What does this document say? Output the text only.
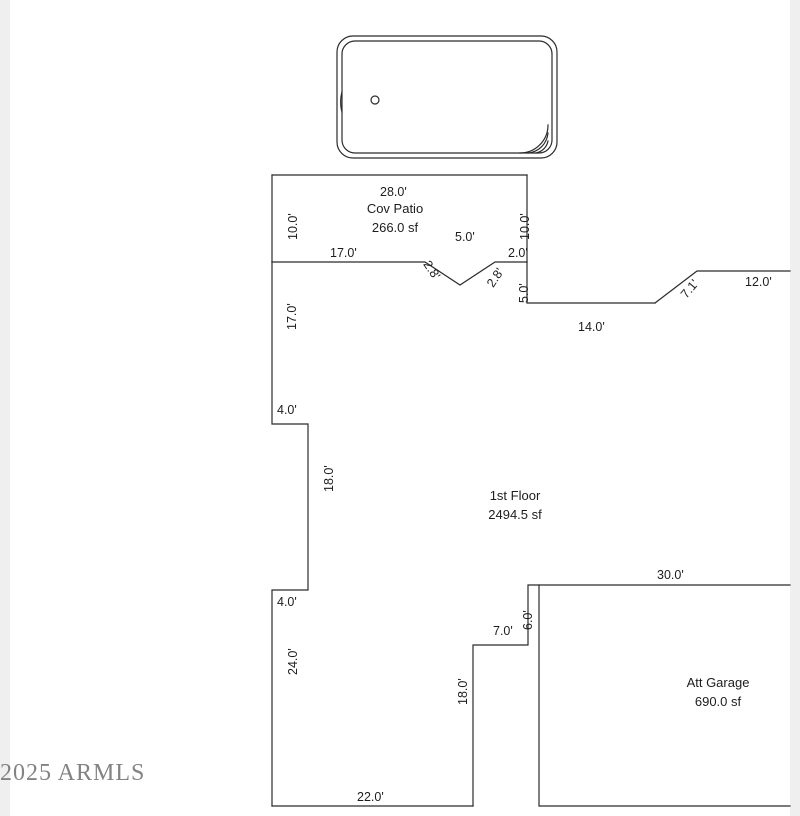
28.0'
10.0'	10.0'
Cov Patio
266.0 sf
17.0'
2.8'
5.0'
2.8'
2.0'
5.0'
14.0'
7.1'	12.0'
17.0'
4.0'
18.0'
4.0'
24.0'
22.0'
18.0'
1st Floor
2494.5 sf
7.0'
6.0'
30.0'
Att Garage
690.0 sf
2025 ARMLS
